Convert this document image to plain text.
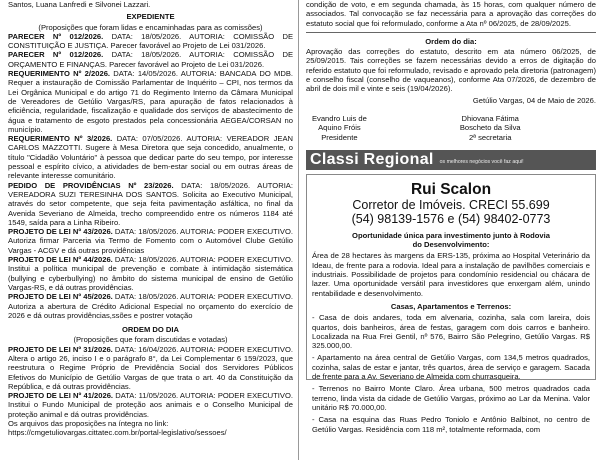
Santos, Luana Lanfredi e Silvonei Lazzari.

EXPEDIENTE
(Proposições que foram lidas e encaminhadas para as comissões)

PARECER Nº 012/2026. DATA: 18/05/2026. AUTORIA: COMISSÃO DE CONSTITUIÇÃO E JUSTIÇA. Parecer favorável ao Projeto de Lei 031/2026.

PARECER Nº 012/2026. DATA: 18/05/2026. AUTORIA: COMISSÃO DE ORÇAMENTO E FINANÇAS. Parecer favorável ao Projeto de Lei 031/2026.

REQUERIMENTO Nº 2/2026. DATA: 14/05/2026. AUTORIA: BANCADA DO MDB. Requer a instauração de Comissão Parlamentar de Inquérito – CPI, nos termos da Lei Orgânica Municipal e do artigo 71 do Regimento Interno da Câmara Municipal de Vereadores de Getúlio Vargas/RS, para apuração de fatos relacionados à eficiência, regularidade, fiscalização e qualidade dos serviços de abastecimento de água e tratamento de esgoto prestados pela concessionária AEGEA/CORSAN no município.

REQUERIMENTO Nº 3/2026. DATA: 07/05/2026. AUTORIA: VEREADOR JEAN CARLOS MAZZOTTI. Sugere à Mesa Diretora que seja concedido, anualmente, o título "Cidadão Voluntário" à pessoa que dedicar parte do seu tempo, por interesse pessoal e espírito cívico, a atividades de bem-estar social ou em outras áreas de relevante interesse comunitário.

PEDIDO DE PROVIDÊNCIAS Nº 23/2026. DATA: 18/05/2026. AUTORIA: VEREADORA SUZI TERESINHA DOS SANTOS. Solicita ao Executivo Municipal, através do setor competente, que seja feita pavimentação asfáltica, no final da Avenida Severiano de Almeida, trecho compreendido entre os números 1184 até 1549, saída para a Linha Ribeiro.

PROJETO DE LEI Nº 43/2026. DATA: 18/05/2026. AUTORIA: PODER EXECUTIVO. Autoriza firmar Parceria via Termo de Fomento com o Automóvel Clube Getúlio Vargas - ACGV e dá outras providências

PROJETO DE LEI Nº 44/2026. DATA: 18/05/2026. AUTORIA: PODER EXECUTIVO. Institui a política municipal de prevenção e combate à intimidação sistemática (bullying e cyberbullying) no âmbito do sistema municipal de ensino de Getúlio Vargas-RS, e dá outras providências.

PROJETO DE LEI Nº 45/2026. DATA: 18/05/2026. AUTORIA: PODER EXECUTIVO. Autoriza a abertura de Crédito Adicional Especial no orçamento do exercício de 2026 e dá outras providências,ssões e postrer votação

ORDEM DO DIA
(Proposições que foram discutidas e votadas)

PROJETO DE LEI Nº 31/2026. DATA: 16/04/2026. AUTORIA: PODER EXECUTIVO. Altera o artigo 26, inciso I e o parágrafo 8°, da Lei Complementar 6 159/2023, que reestrutura o Regime Próprio de Previdência Social dos Servidores Públicos Efetivos do Município de Getúlio Vargas de que trata o art. 40 da Constituição da República, e dá outras providências.

PROJETO DE LEI Nº 41/2026. DATA: 11/05/2026. AUTORIA: PODER EXECUTIVO. Institui o Fundo Municipal de proteção aos animais e o Conselho Municipal de proteção animal e dá outras providências.

Os arquivos das proposições na íntegra no link:

https://cmgetuliovargas.cittatec.com.br/portal-legislativo/sessoes/

condição de voto, e em segunda chamada, às 15 horas, com qualquer número de associados. Tal convocação se faz necessária para a aprovação das correções do estatuto social que foi reformulado, conforme a Ata nº 06/2025, de 28/09/2025.

Ordem do dia:

Aprovação das correções do estatuto, descrito em ata número 06/2025, de 25/09/2015. Tais correções se fazem necessárias devido a erros de digitação do referido estatuto que foi reformulado, revisado e aprovado pela diretoria (patronagem) e conselho fiscal (conselho de vaqueanos), conforme Ata 07/2026, de dezembro de abril de dois mil e vinte e seis (19/04/2026).

Getúlio Vargas, 04 de Maio de 2026.
Evandro Luis de Aquino Fróis
Presidente
Dhiovana Fátima Boscheto da Silva
2ª secretaria
Classi Regional os melhores negócios você faz aqui!
Rui Scalon
Corretor de Imóveis. CRECI 55.699
(54) 98139-1576 e (54) 98402-0773
Oportunidade única para investimento junto à Rodovia do Desenvolvimento:

Área de 28 hectares às margens da ERS-135, próxima ao Hospital Veterinário da Ideau, de frente para a rodovia. Ideal para a instalação de pavilhões comerciais e industriais. Possibilidade de projetos para condomínio residencial ou chácara de lazer. Uma oportunidade versátil para investidores que enxergam além, unindo rentabilidade e desenvolvimento.

Casas, Apartamentos e Terrenos:

- Casa de dois andares, toda em alvenaria, cozinha, sala com lareira, dois quartos, dois banheiros, área de festas, garagem com dois carros e banheiro. Localizada na Rua Frei Gentil, nº 576, Bairro São Pelegrino, Getúlio Vargas. R$ 325.000,00.

- Apartamento na área central de Getúlio Vargas, com 134,5 metros quadrados, cozinha, salas de estar e jantar, três quartos, área de serviço e garagem. Sacada de frente para a Av. Severiano de Almeida com churrasqueira.

- Terrenos no Bairro Monte Claro. Área urbana, 500 metros quadrados cada terreno, linda vista da cidade de Getúlio Vargas, próximo ao Lar da Menina. Valor unitário R$ 70.000,00.

- Casa na esquina das Ruas Pedro Toniolo e Antônio Balbinot, no centro de Getúlio Vargas. Residência com 118 m², totalmente reformada, com
